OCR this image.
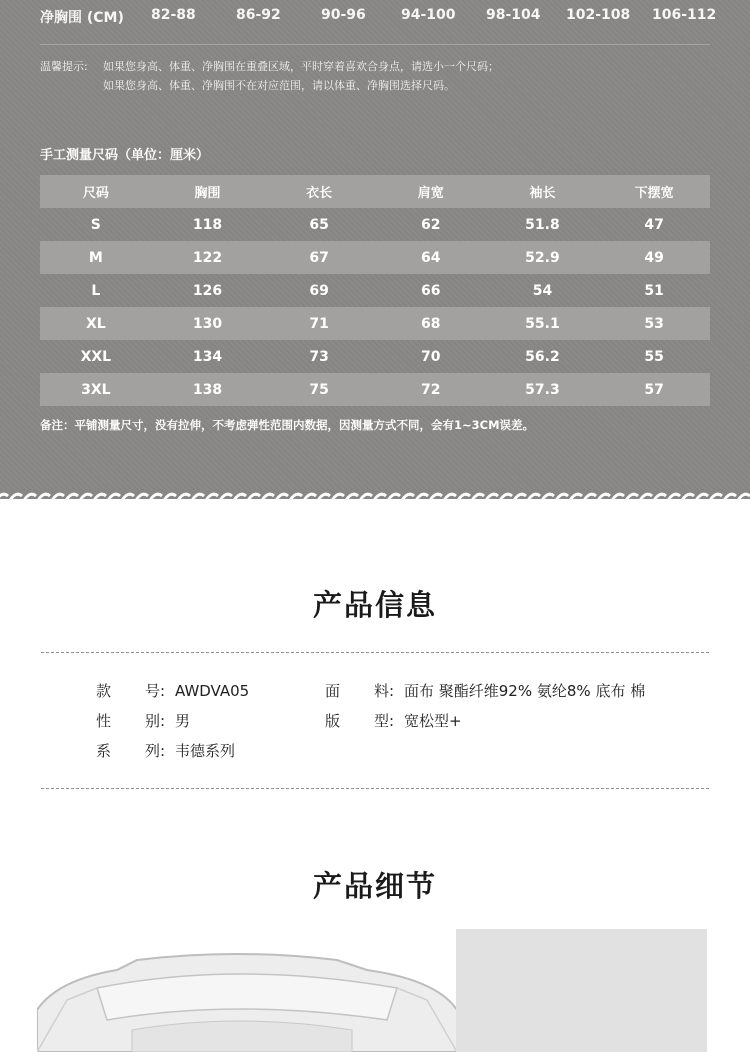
净胸围 (CM) 82-88	86-92	90-96	94-100 98-104 102-108 106-112
温馨提示: 如果您身高、体重、净胸围在重叠区域，平时穿着喜欢合身点，请选小一个尺码；
如果您身高、体重、净胸围不在对应范围，请以体重、净胸围选择尺码。
手工测量尺码（单位：厘米）
尺码	胸围	衣长	肩宽	袖长	下摆宽
S	118	65	62	51.8	47
M	122	67	64	52.9	49
L	126	69	66	54	51
XL	130	71	68	55.1	53
XXL	134	73	70	56.2	55
3XL	138	75	72	57.3	57
备注：平铺测量尺寸，没有拉伸，不考虑弹性范围内数据，因测量方式不同，会有1~3CM误差。
产品信息
款 号: AWDVA05	面 料: 面布 聚酯纤维92% 氨纶8% 底布 棉
性 别: 男	版 型: 宽松型+
系 列: 韦德系列
产品细节
